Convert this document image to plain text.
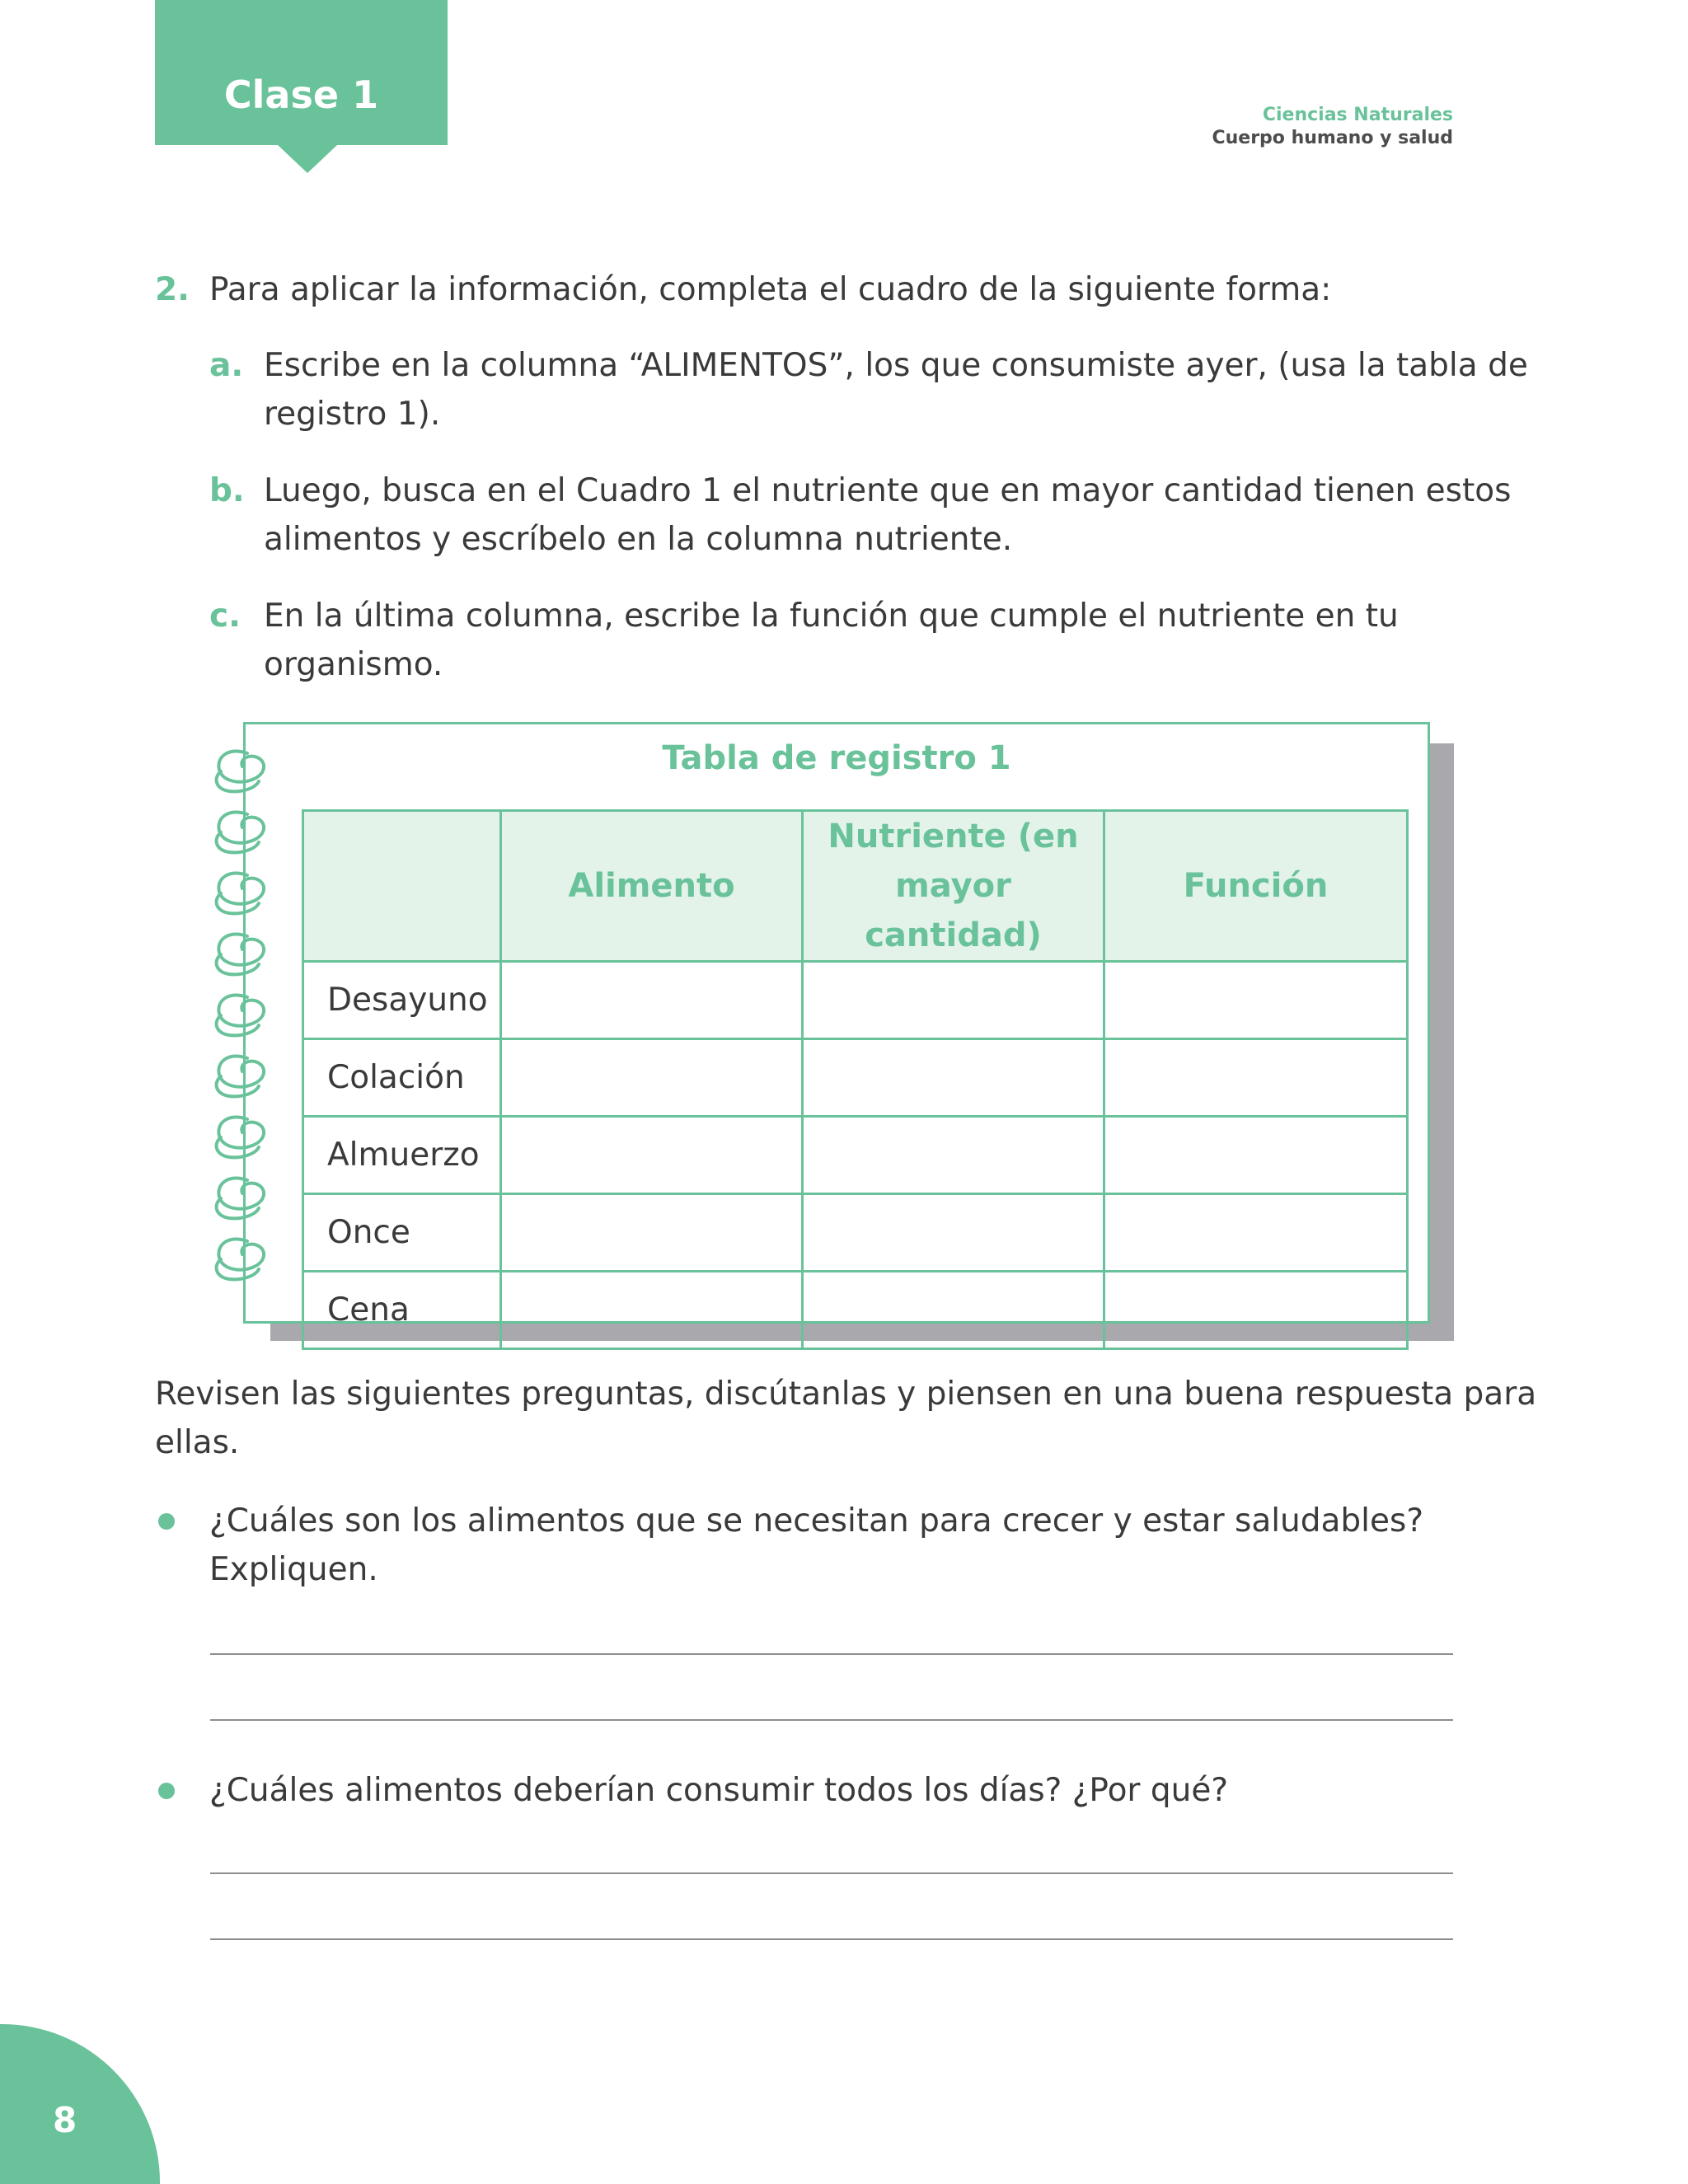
Clase 1	Ciencias Naturales
Cuerpo humano y salud
2. Para aplicar la información, completa el cuadro de la siguiente forma:
a. Escribe en la columna “ALIMENTOS”, los que consumiste ayer, (usa la tabla de
registro 1).
b. Luego, busca en el Cuadro 1 el nutriente que en mayor cantidad tienen estos
alimentos y escríbelo en la columna nutriente.
c. En la última columna, escribe la función que cumple el nutriente en tu
organismo.
Tabla de registro 1
	Alimento	Nutriente (en
mayor cantidad)	Función
Desayuno			
Colación			
Almuerzo			
Once			
Cena			
Revisen las siguientes preguntas, discútanlas y piensen en una buena respuesta para
ellas.
¿Cuáles son los alimentos que se necesitan para crecer y estar saludables?
Expliquen.
¿Cuáles alimentos deberían consumir todos los días? ¿Por qué?
8
